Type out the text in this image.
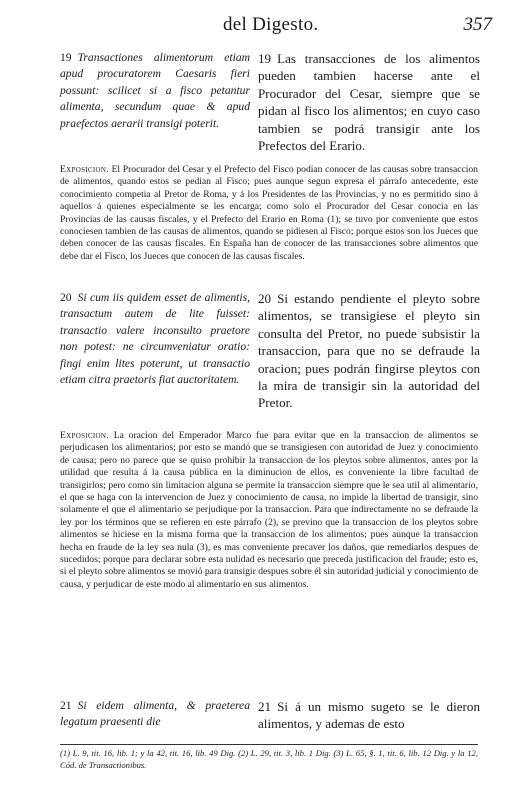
del Digesto.	357

19 Transactiones alimentorum etiam apud procuratorem Caesaris fieri possunt: scilicet si a fisco petantur alimenta, secundum quae & apud praefectos aerarii transigi poterit.

19 Las transacciones de los alimentos pueden tambien hacerse ante el Procurador del Cesar, siempre que se pidan al fisco los alimentos; en cuyo caso tambien se podrá transigir ante los Prefectos del Erario.

Exposicion. El Procurador del Cesar y el Prefecto del Fisco podian conocer de las causas sobre transaccion de alimentos, quando estos se pedian al Fisco; pues aunque segun expresa el párrafo antecedente, este conocimiento competia al Pretor de Roma, y á los Presidentes de las Provincias, y no es permitido sino á aquellos á quienes especialmente se les encarga; como solo el Procurador del Cesar conocia en las Provincias de las causas fiscales, y el Prefecto del Erario en Roma (1); se tuvo por conveniente que estos conociesen tambien de las causas de alimentos, quando se pidiesen al Fisco; porque estos son los Jueces que deben conocer de las causas fiscales. En España han de conocer de las transacciones sobre alimentos que debe dar el Fisco, los Jueces que conocen de las causas fiscales.

20 Si cum iis quidem esset de alimentis, transactum autem de lite fuisset: transactio valere inconsulto praetore non potest: ne circumveniatur oratio: fingi enim lites poterunt, ut transactio etiam citra praetoris fiat auctoritatem.

20 Si estando pendiente el pleyto sobre alimentos, se transigiese el pleyto sin consulta del Pretor, no puede subsistir la transaccion, para que no se defraude la oracion; pues podrán fingirse pleytos con la mira de transigir sin la autoridad del Pretor.

Exposicion. La oracion del Emperador Marco fue para evitar que en la transaccion de alimentos se perjudicasen los alimentarios; por esto se mandó que se transigiesen con autoridad de Juez y conocimiento de causa; pero no parece que se quiso prohibir la transaccion de los pleytos sobre alimentos, antes por la utilidad que resulta á la causa pública en la diminucion de ellos, es conveniente la libre facultad de transigirlos; pero como sin limitacion alguna se permite la transaccion siempre que le sea util al alimentario, el que se haga con la intervencion de Juez y conocimiento de causa, no impide la libertad de transigir, sino solamente el que el alimentario se perjudique por la transaccion. Para que indirectamente no se defraude la ley por los términos que se refieren en este párrafo (2), se previno que la transaccion de los pleytos sobre alimentos se hiciese en la misma forma que la transaccion de los alimentos; pues aunque la transaccion hecha en fraude de la ley sea nula (3), es mas conveniente precaver los daños, que remediarlos despues de sucedidos; porque para declarar sobre esta nulidad es necesario que preceda justificacion del fraude; esto es, si el pleyto sobre alimentos se movió para transigir despues sobre él sin autoridad judicial y conocimiento de causa, y perjudicar de este modo al alimentario en sus alimentos.

21 Si eidem alimenta, & praeterea legatum praesenti die

21 Si á un mismo sugeto se le dieron alimentos, y ademas de esto

(1) L. 9, tit. 16, lib. 1; y la 42, tit. 16, lib. 49 Dig. (2) L. 29, tit. 3, lib. 1 Dig. (3) L. 65, §. 1, tit. 6, lib. 12 Dig. y la 12, Cód. de Transactionibus.
